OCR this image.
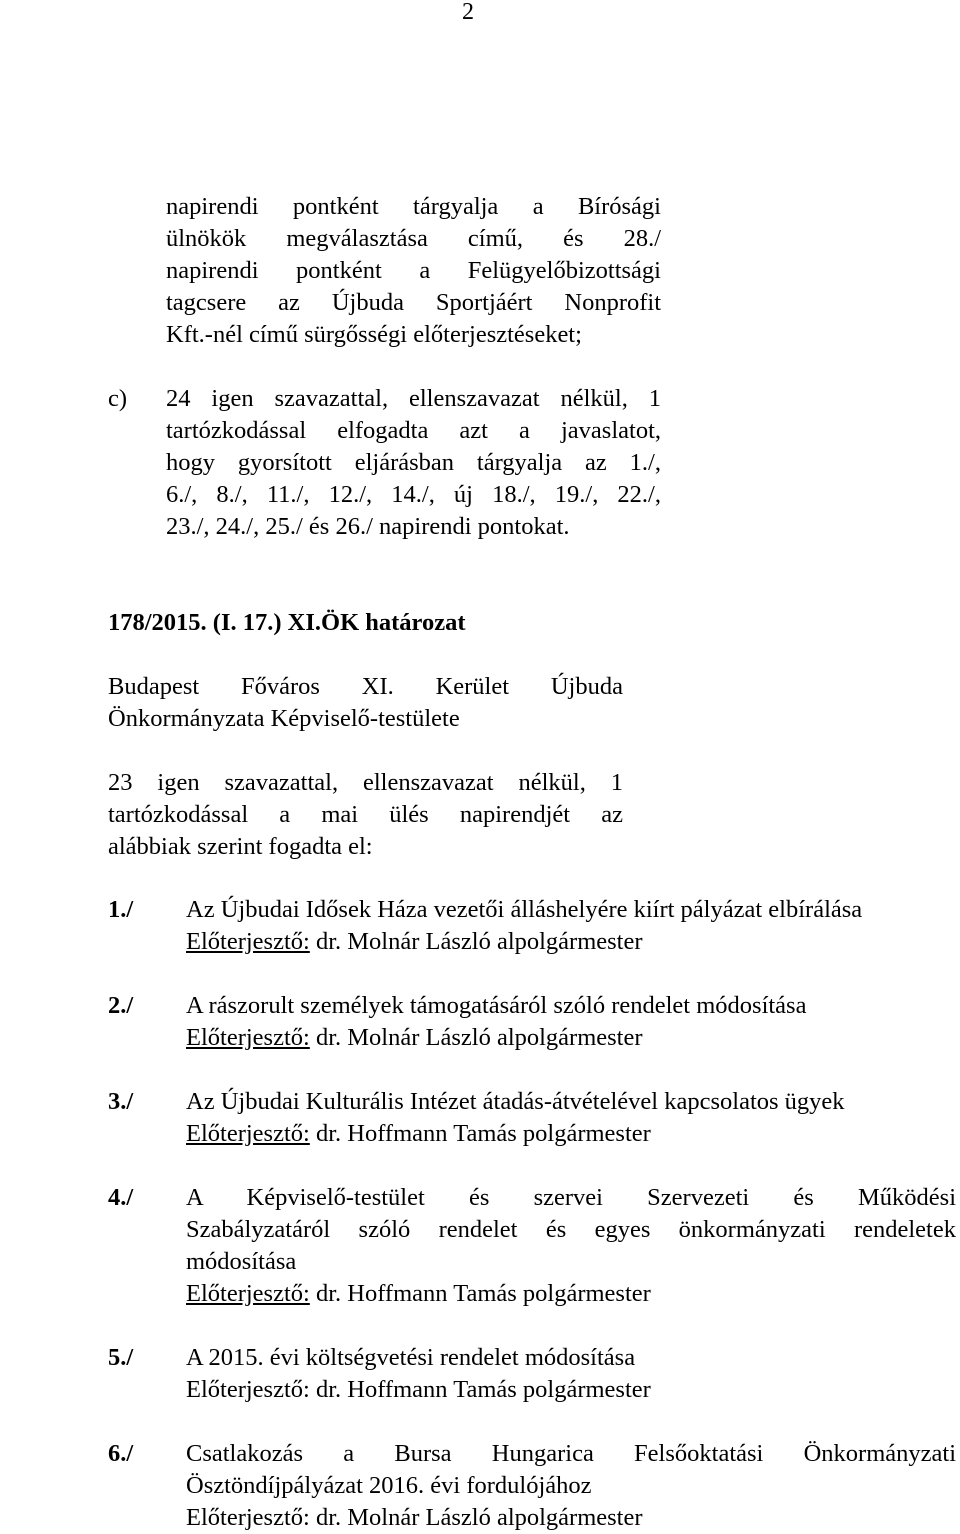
2
napirendi pontként tárgyalja a Bírósági
ülnökök megválasztása című, és 28./
napirendi pontként a Felügyelőbizottsági
tagcsere az Újbuda Sportjáért Nonprofit
Kft.-nél című sürgősségi előterjesztéseket;
c) 24 igen szavazattal, ellenszavazat nélkül, 1
tartózkodással elfogadta azt a javaslatot,
hogy gyorsított eljárásban tárgyalja az 1./,
6./, 8./, 11./, 12./, 14./, új 18./, 19./, 22./,
23./, 24./, 25./ és 26./ napirendi pontokat.
178/2015. (I. 17.) XI.ÖK határozat
Budapest Főváros XI. Kerület Újbuda
Önkormányzata Képviselő-testülete
23 igen szavazattal, ellenszavazat nélkül, 1
tartózkodással a mai ülés napirendjét az
alábbiak szerint fogadta el:
1./ Az Újbudai Idősek Háza vezetői álláshelyére kiírt pályázat elbírálása
Előterjesztő: dr. Molnár László alpolgármester
2./ A rászorult személyek támogatásáról szóló rendelet módosítása
Előterjesztő: dr. Molnár László alpolgármester
3./ Az Újbudai Kulturális Intézet átadás-átvételével kapcsolatos ügyek
Előterjesztő: dr. Hoffmann Tamás polgármester
4./ A Képviselő-testület és szervei Szervezeti és Működési
Szabályzatáról szóló rendelet és egyes önkormányzati rendeletek
módosítása
Előterjesztő: dr. Hoffmann Tamás polgármester
5./ A 2015. évi költségvetési rendelet módosítása
Előterjesztő: dr. Hoffmann Tamás polgármester
6./ Csatlakozás a Bursa Hungarica Felsőoktatási Önkormányzati
Ösztöndíjpályázat 2016. évi fordulójához
Előterjesztő: dr. Molnár László alpolgármester
